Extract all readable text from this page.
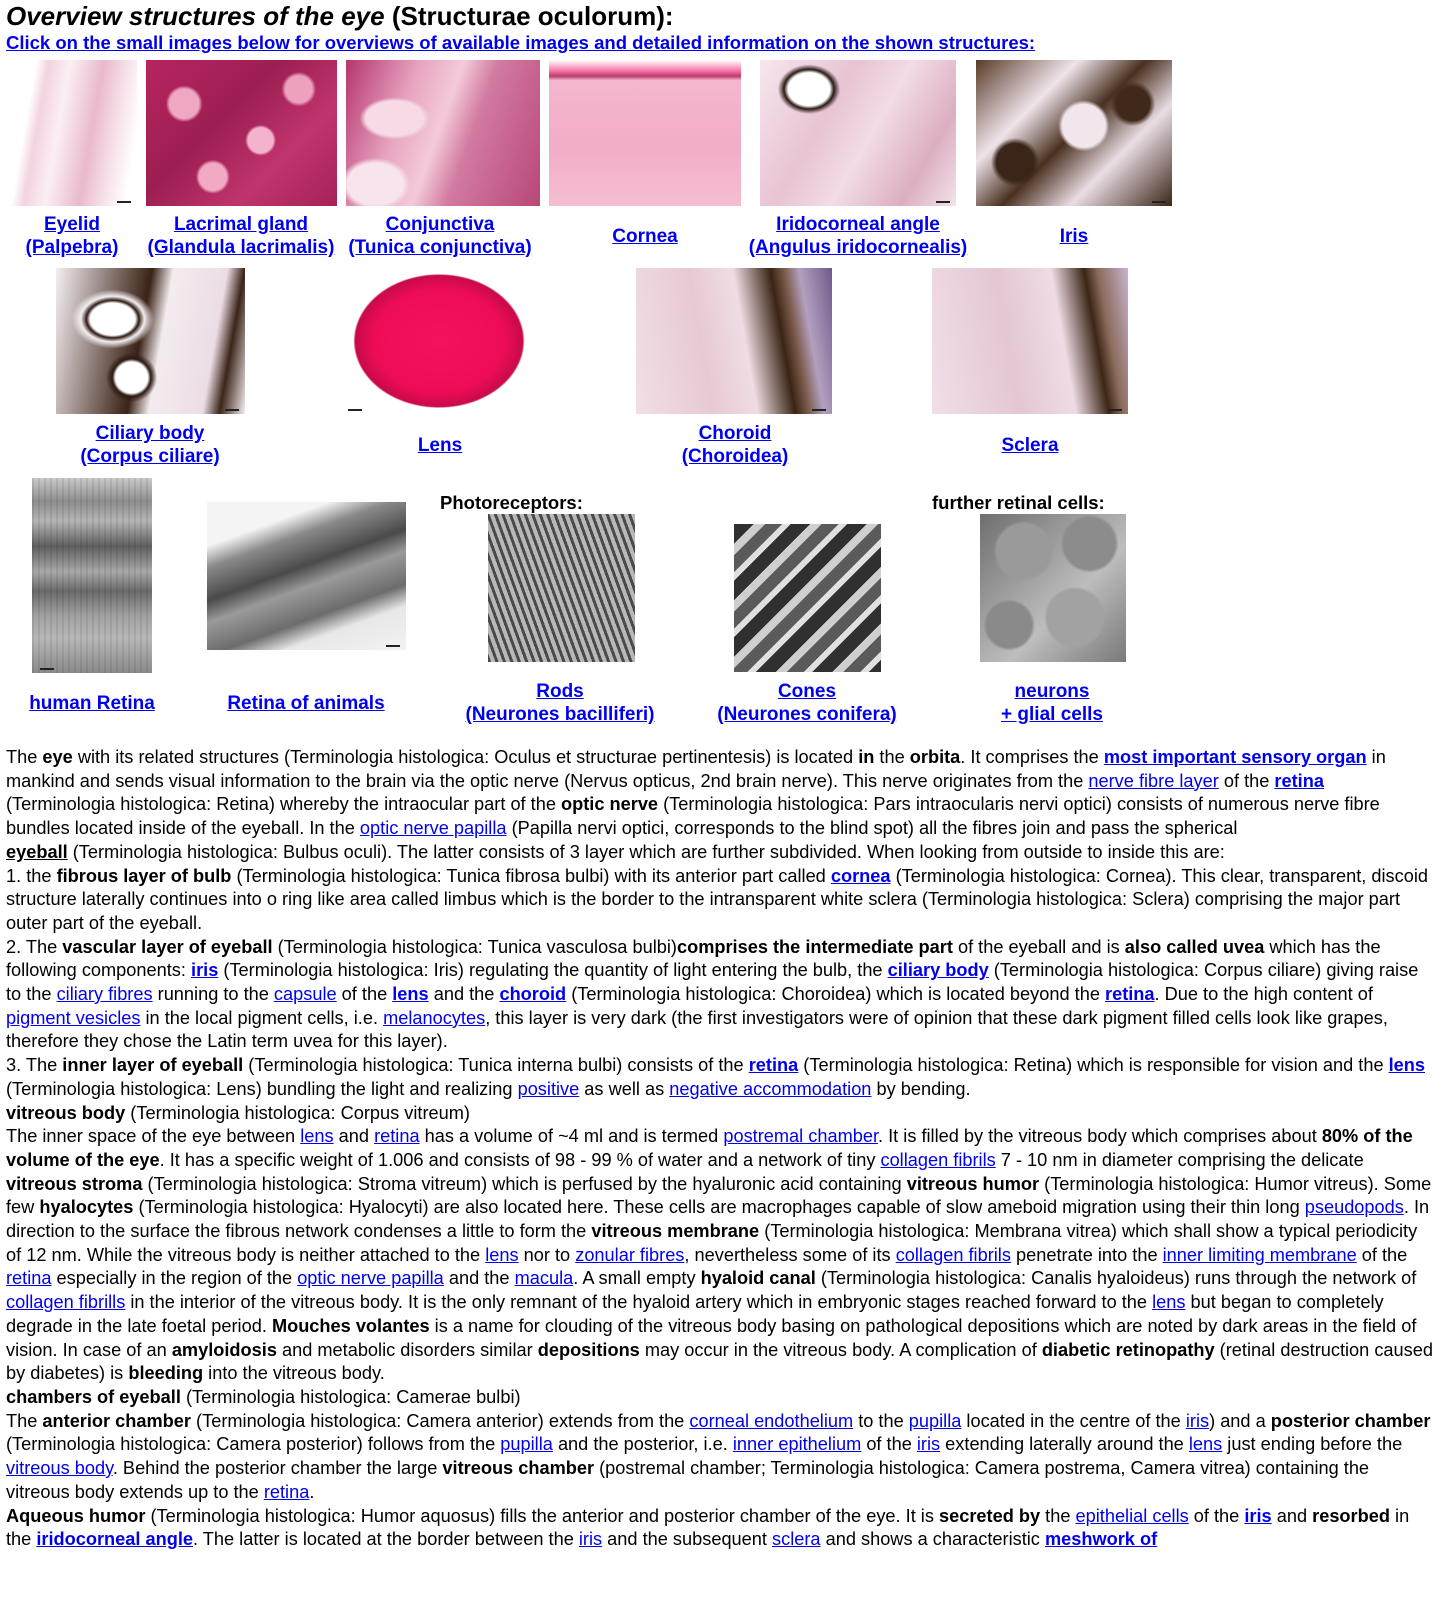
Overview structures of the eye (Structurae oculorum):
Click on the small images below for overviews of available images and detailed information on the shown structures:
Eyelid
(Palpebra)
Lacrimal gland
(Glandula lacrimalis)
Conjunctiva
(Tunica conjunctiva)
Cornea
Iridocorneal angle
(Angulus iridocornealis)
Iris
Ciliary body
(Corpus ciliare)
Lens
Choroid
(Choroidea)
Sclera
Photoreceptors:	further retinal cells:
human Retina	Retina of animals
Rods
(Neurones bacilliferi)
Cones
(Neurones conifera)
neurons
+ glial cells

The eye with its related structures (Terminologia histologica: Oculus et structurae pertinentesis) is located in the orbita. It comprises the most important sensory organ in mankind and sends visual information to the brain via the optic nerve (Nervus opticus, 2nd brain nerve). This nerve originates from the nerve fibre layer of the retina (Terminologia histologica: Retina) whereby the intraocular part of the optic nerve (Terminologia histologica: Pars intraocularis nervi optici) consists of numerous nerve fibre bundles located inside of the eyeball. In the optic nerve papilla (Papilla nervi optici, corresponds to the blind spot) all the fibres join and pass the spherical

eyeball (Terminologia histologica: Bulbus oculi). The latter consists of 3 layer which are further subdivided. When looking from outside to inside this are:

1. the fibrous layer of bulb (Terminologia histologica: Tunica fibrosa bulbi) with its anterior part called cornea (Terminologia histologica: Cornea). This clear, transparent, discoid structure laterally continues into o ring like area called limbus which is the border to the intransparent white sclera (Terminologia histologica: Sclera) comprising the major part outer part of the eyeball.

2. The vascular layer of eyeball (Terminologia histologica: Tunica vasculosa bulbi)comprises the intermediate part of the eyeball and is also called uvea which has the following components: iris (Terminologia histologica: Iris) regulating the quantity of light entering the bulb, the ciliary body (Terminologia histologica: Corpus ciliare) giving raise to the ciliary fibres running to the capsule of the lens and the choroid (Terminologia histologica: Choroidea) which is located beyond the retina. Due to the high content of pigment vesicles in the local pigment cells, i.e. melanocytes, this layer is very dark (the first investigators were of opinion that these dark pigment filled cells look like grapes, therefore they chose the Latin term uvea for this layer).

3. The inner layer of eyeball (Terminologia histologica: Tunica interna bulbi) consists of the retina (Terminologia histologica: Retina) which is responsible for vision and the lens (Terminologia histologica: Lens) bundling the light and realizing positive as well as negative accommodation by bending.

vitreous body (Terminologia histologica: Corpus vitreum)

The inner space of the eye between lens and retina has a volume of ~4 ml and is termed postremal chamber. It is filled by the vitreous body which comprises about 80% of the volume of the eye. It has a specific weight of 1.006 and consists of 98 - 99 % of water and a network of tiny collagen fibrils 7 - 10 nm in diameter comprising the delicate vitreous stroma (Terminologia histologica: Stroma vitreum) which is perfused by the hyaluronic acid containing vitreous humor (Terminologia histologica: Humor vitreus). Some few hyalocytes (Terminologia histologica: Hyalocyti) are also located here. These cells are macrophages capable of slow ameboid migration using their thin long pseudopods. In direction to the surface the fibrous network condenses a little to form the vitreous membrane (Terminologia histologica: Membrana vitrea) which shall show a typical periodicity of 12 nm. While the vitreous body is neither attached to the lens nor to zonular fibres, nevertheless some of its collagen fibrils penetrate into the inner limiting membrane of the retina especially in the region of the optic nerve papilla and the macula. A small empty hyaloid canal (Terminologia histologica: Canalis hyaloideus) runs through the network of collagen fibrills in the interior of the vitreous body. It is the only remnant of the hyaloid artery which in embryonic stages reached forward to the lens but began to completely degrade in the late foetal period. Mouches volantes is a name for clouding of the vitreous body basing on pathological depositions which are noted by dark areas in the field of vision. In case of an amyloidosis and metabolic disorders similar depositions may occur in the vitreous body. A complication of diabetic retinopathy (retinal destruction caused by diabetes) is bleeding into the vitreous body.

chambers of eyeball (Terminologia histologica: Camerae bulbi)

The anterior chamber (Terminologia histologica: Camera anterior) extends from the corneal endothelium to the pupilla located in the centre of the iris) and a posterior chamber (Terminologia histologica: Camera posterior) follows from the pupilla and the posterior, i.e. inner epithelium of the iris extending laterally around the lens just ending before the vitreous body. Behind the posterior chamber the large vitreous chamber (postremal chamber; Terminologia histologica: Camera postrema, Camera vitrea) containing the vitreous body extends up to the retina.

Aqueous humor (Terminologia histologica: Humor aquosus) fills the anterior and posterior chamber of the eye. It is secreted by the epithelial cells of the iris and resorbed in the iridocorneal angle. The latter is located at the border between the iris and the subsequent sclera and shows a characteristic meshwork of
